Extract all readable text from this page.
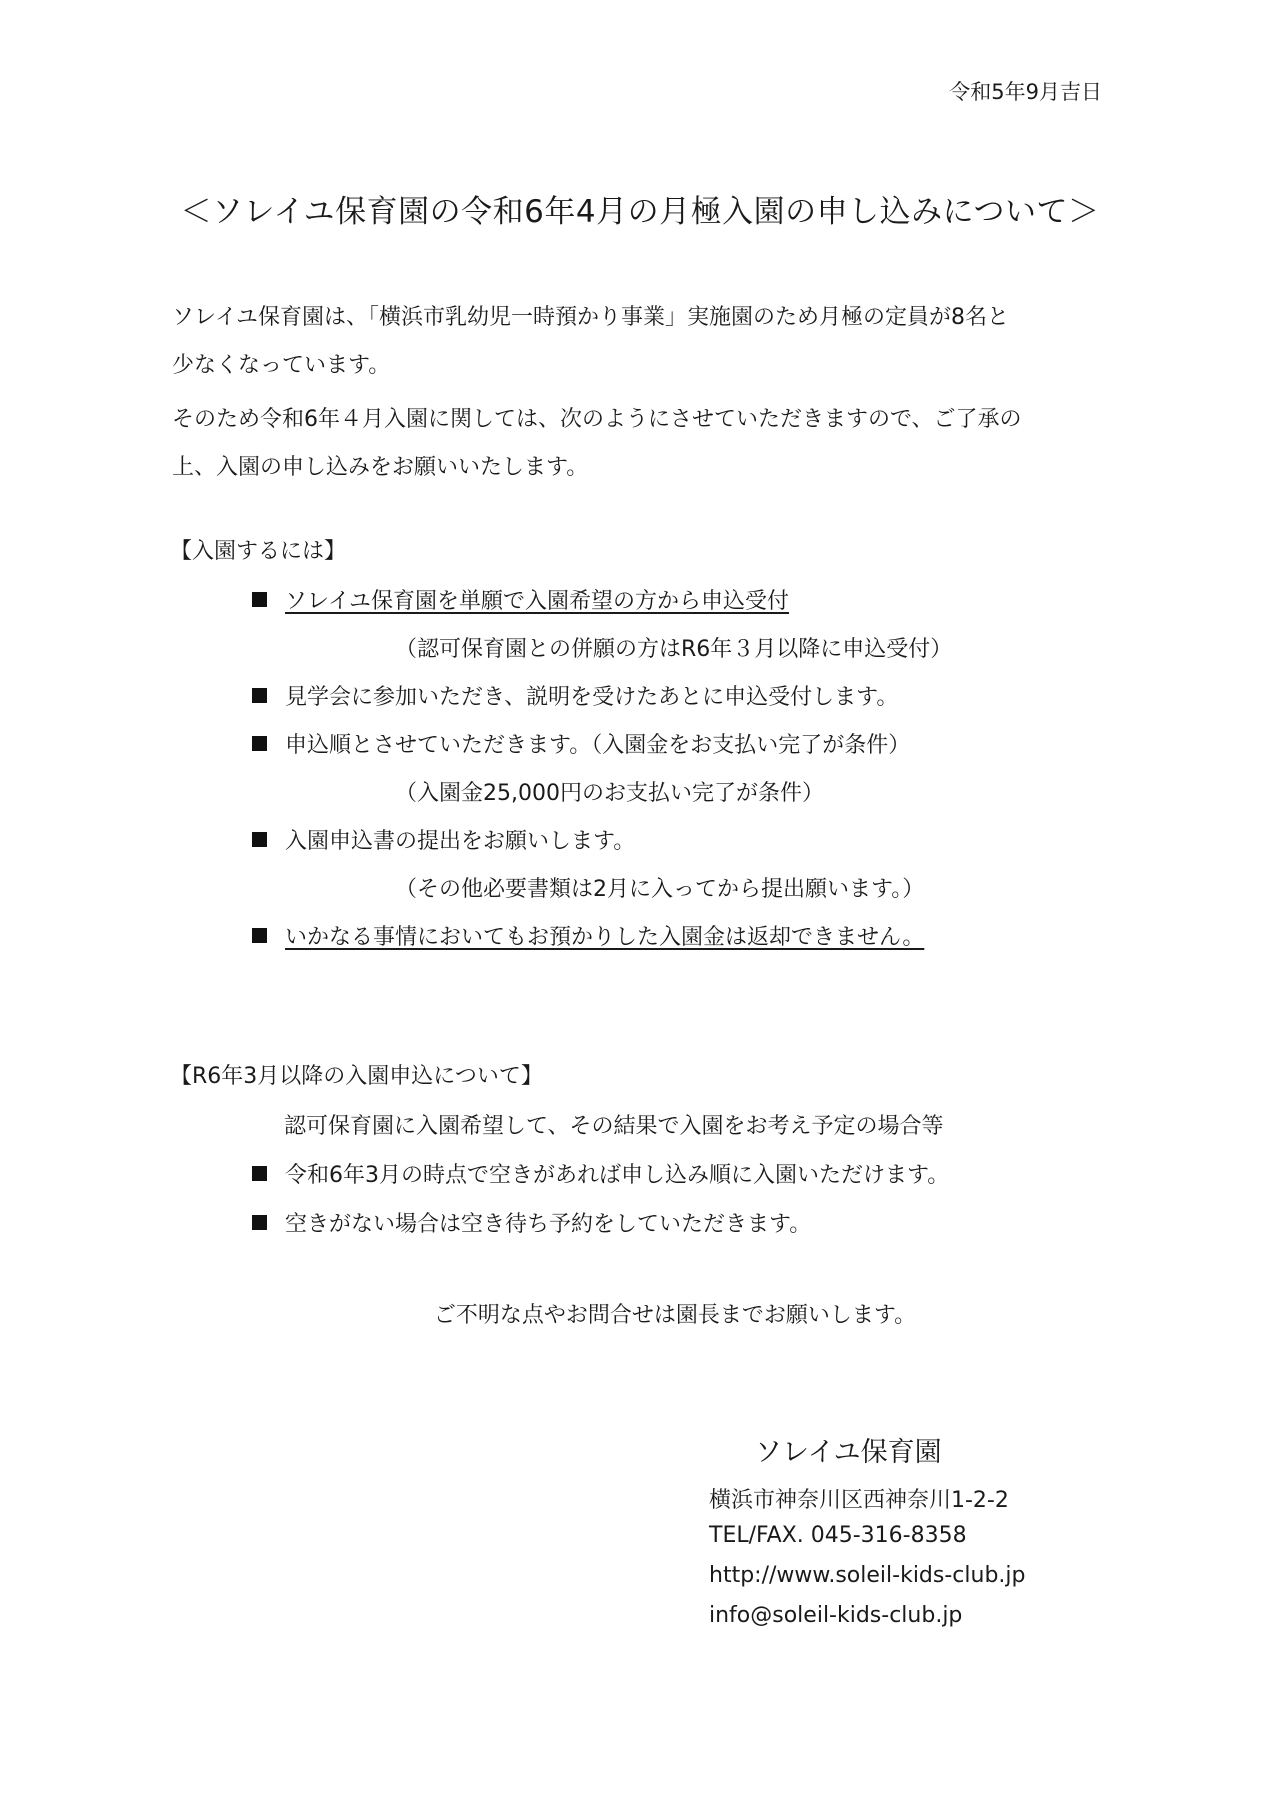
令和5年9月吉日
＜ソレイユ保育園の令和6年4月の月極入園の申し込みについて＞
ソレイユ保育園は、「横浜市乳幼児一時預かり事業」実施園のため月極の定員が8名と
少なくなっています。
そのため令和6年４月入園に関しては、次のようにさせていただきますので、ご了承の
上、入園の申し込みをお願いいたします。
【入園するには】
ソレイユ保育園を単願で入園希望の方から申込受付
（認可保育園との併願の方はR6年３月以降に申込受付）
見学会に参加いただき、説明を受けたあとに申込受付します。
申込順とさせていただきます。（入園金をお支払い完了が条件）
（入園金25,000円のお支払い完了が条件）
入園申込書の提出をお願いします。
（その他必要書類は2月に入ってから提出願います。）
いかなる事情においてもお預かりした入園金は返却できません。
【R6年3月以降の入園申込について】
認可保育園に入園希望して、その結果で入園をお考え予定の場合等
令和6年3月の時点で空きがあれば申し込み順に入園いただけます。
空きがない場合は空き待ち予約をしていただきます。
ご不明な点やお問合せは園長までお願いします。
ソレイユ保育園
横浜市神奈川区西神奈川1-2-2
TEL/FAX. 045-316-8358
http://www.soleil-kids-club.jp
info@soleil-kids-club.jp
